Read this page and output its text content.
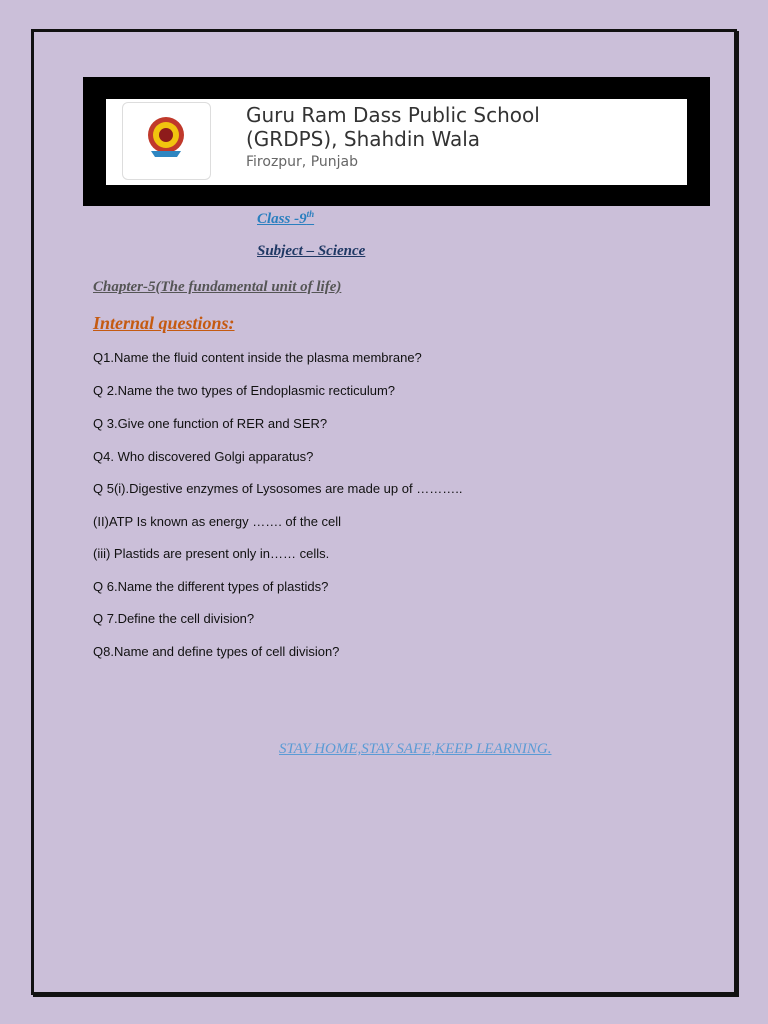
Guru Ram Dass Public School
(GRDPS), Shahdin Wala
Firozpur, Punjab
Class -9th
Subject – Science
Chapter-5(The fundamental unit of life)
Internal questions:
Q1.Name the fluid content inside the plasma membrane?
Q 2.Name the two types of Endoplasmic recticulum?
Q 3.Give one function of RER and SER?
Q4. Who discovered Golgi apparatus?
Q 5(i).Digestive enzymes of Lysosomes are made up of ………..
(II)ATP Is known as energy ……. of the cell
(iii) Plastids are present only in…… cells.
Q 6.Name the different types of plastids?
Q 7.Define the cell division?
Q8.Name and define types of cell division?
STAY HOME,STAY SAFE,KEEP LEARNING.
